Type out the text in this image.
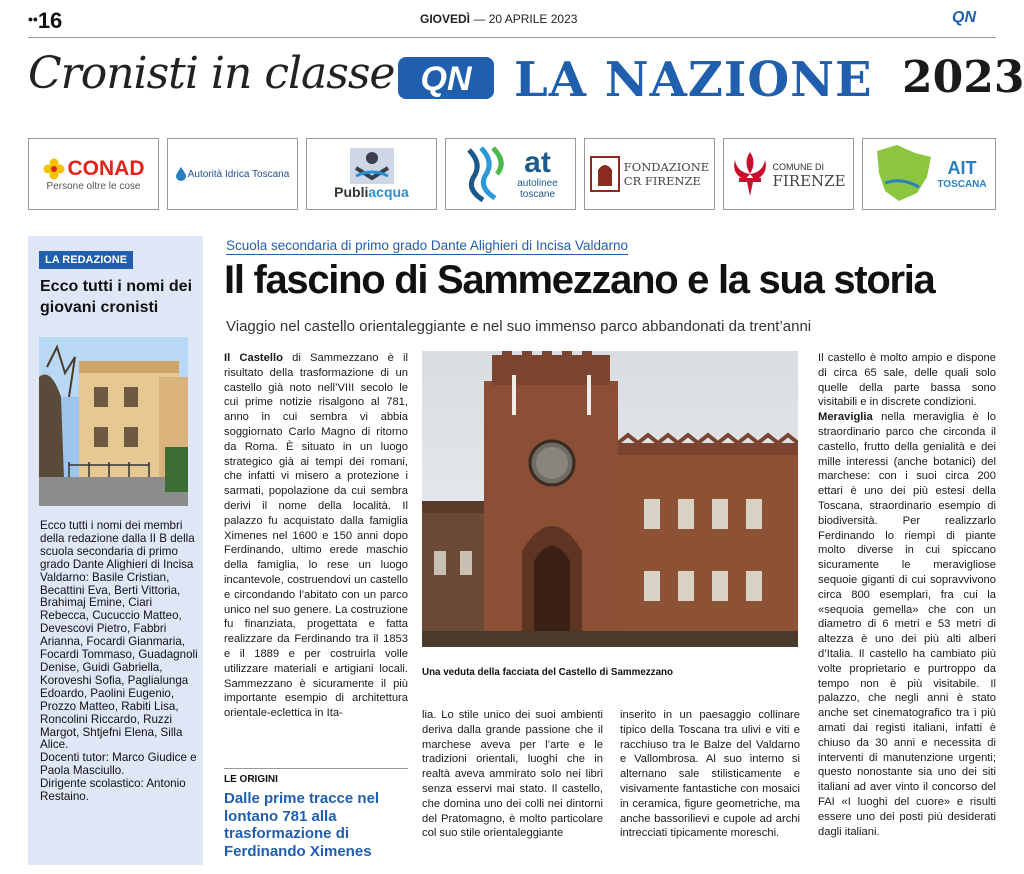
••16	GIOVEDÌ — 20 APRILE 2023	QN
Cronisti in classe QN LA NAZIONE 2023
CONAD
Persone oltre le cose
Autorità Idrica Toscana
Publiacqua
at
autolinee
toscane
FONDAZIONE
CR FIRENZE
COMUNE DI
FIRENZE
AIT
TOSCANA
LA REDAZIONE
Ecco tutti i nomi dei giovani cronisti
Ecco tutti i nomi dei membri della redazione dalla II B della scuola secondaria di primo grado Dante Alighieri di Incisa Valdarno: Basile Cristian, Becattini Eva, Berti Vittoria, Brahimaj Emine, Ciari Rebecca, Cucuccio Matteo, Devescovi Pietro, Fabbri Arianna, Focardi Gianmaria, Focardi Tommaso, Guadagnoli Denise, Guidi Gabriella, Koroveshi Sofia, Paglialunga Edoardo, Paolini Eugenio, Prozzo Matteo, Rabiti Lisa, Roncolini Riccardo, Ruzzi Margot, Shtjefni Elena, Silla Alice.
Docenti tutor: Marco Giudice e Paola Masciullo.
Dirigente scolastico: Antonio Restaino.
Scuola secondaria di primo grado Dante Alighieri di Incisa Valdarno
Il fascino di Sammezzano e la sua storia
Viaggio nel castello orientaleggiante e nel suo immenso parco abbandonati da trent’anni
Il Castello di Sammezzano è il risultato della trasformazione di un castello già noto nell’VIII secolo le cui prime notizie risalgono al 781, anno in cui sembra vi abbia soggiornato Carlo Magno di ritorno da Roma. È situato in un luogo strategico già ai tempi dei romani, che infatti vi misero a protezione i sarmati, popolazione da cui sembra derivi il nome della località. Il palazzo fu acquistato dalla famiglia Ximenes nel 1600 e 150 anni dopo Ferdinando, ultimo erede maschio della famiglia, lo rese un luogo incantevole, costruendovi un castello e circondando l’abitato con un parco unico nel suo genere. La costruzione fu finanziata, progettata e fatta realizzare da Ferdinando tra il 1853 e il 1889 e per costruirla volle utilizzare materiali e artigiani locali. Sammezzano è sicuramente il più importante esempio di architettura orientale-eclettica in Ita-
Una veduta della facciata del Castello di Sammezzano
lia. Lo stile unico dei suoi ambienti deriva dalla grande passione che il marchese aveva per l’arte e le tradizioni orientali, luoghi che in realtà aveva ammirato solo nei libri senza esservi mai stato. Il castello, che domina uno dei colli nei dintorni del Pratomagno, è molto particolare col suo stile orientaleggiante
inserito in un paesaggio collinare tipico della Toscana tra ulivi e viti e racchiuso tra le Balze del Valdarno e Vallombrosa. Al suo interno si alternano sale stilisticamente e visivamente fantastiche con mosaici in ceramica, figure geometriche, ma anche bassorilievi e cupole ad archi intrecciati tipicamente moreschi.
Il castello è molto ampio e dispone di circa 65 sale, delle quali solo quelle della parte bassa sono visitabili e in discrete condizioni.
Meraviglia nella meraviglia è lo straordinario parco che circonda il castello, frutto della genialità e dei mille interessi (anche botanici) del marchese: con i suoi circa 200 ettari è uno dei più estesi della Toscana, straordinario esempio di biodiversità. Per realizzarlo Ferdinando lo riempì di piante molto diverse in cui spiccano sicuramente le meravigliose sequoie giganti di cui sopravvivono circa 800 esemplari, fra cui la «sequoia gemella» che con un diametro di 6 metri e 53 metri di altezza è uno dei più alti alberi d’Italia. Il castello ha cambiato più volte proprietario e purtroppo da tempo non è più visitabile. Il palazzo, che negli anni è stato anche set cinematografico tra i più amati dai registi italiani, infatti è chiuso da 30 anni e necessita di interventi di manutenzione urgenti; questo nonostante sia uno dei siti italiani ad aver vinto il concorso del FAI «I luoghi del cuore» e risulti essere uno dei posti più desiderati dagli italiani.
LE ORIGINI
Dalle prime tracce nel lontano 781 alla trasformazione di Ferdinando Ximenes
